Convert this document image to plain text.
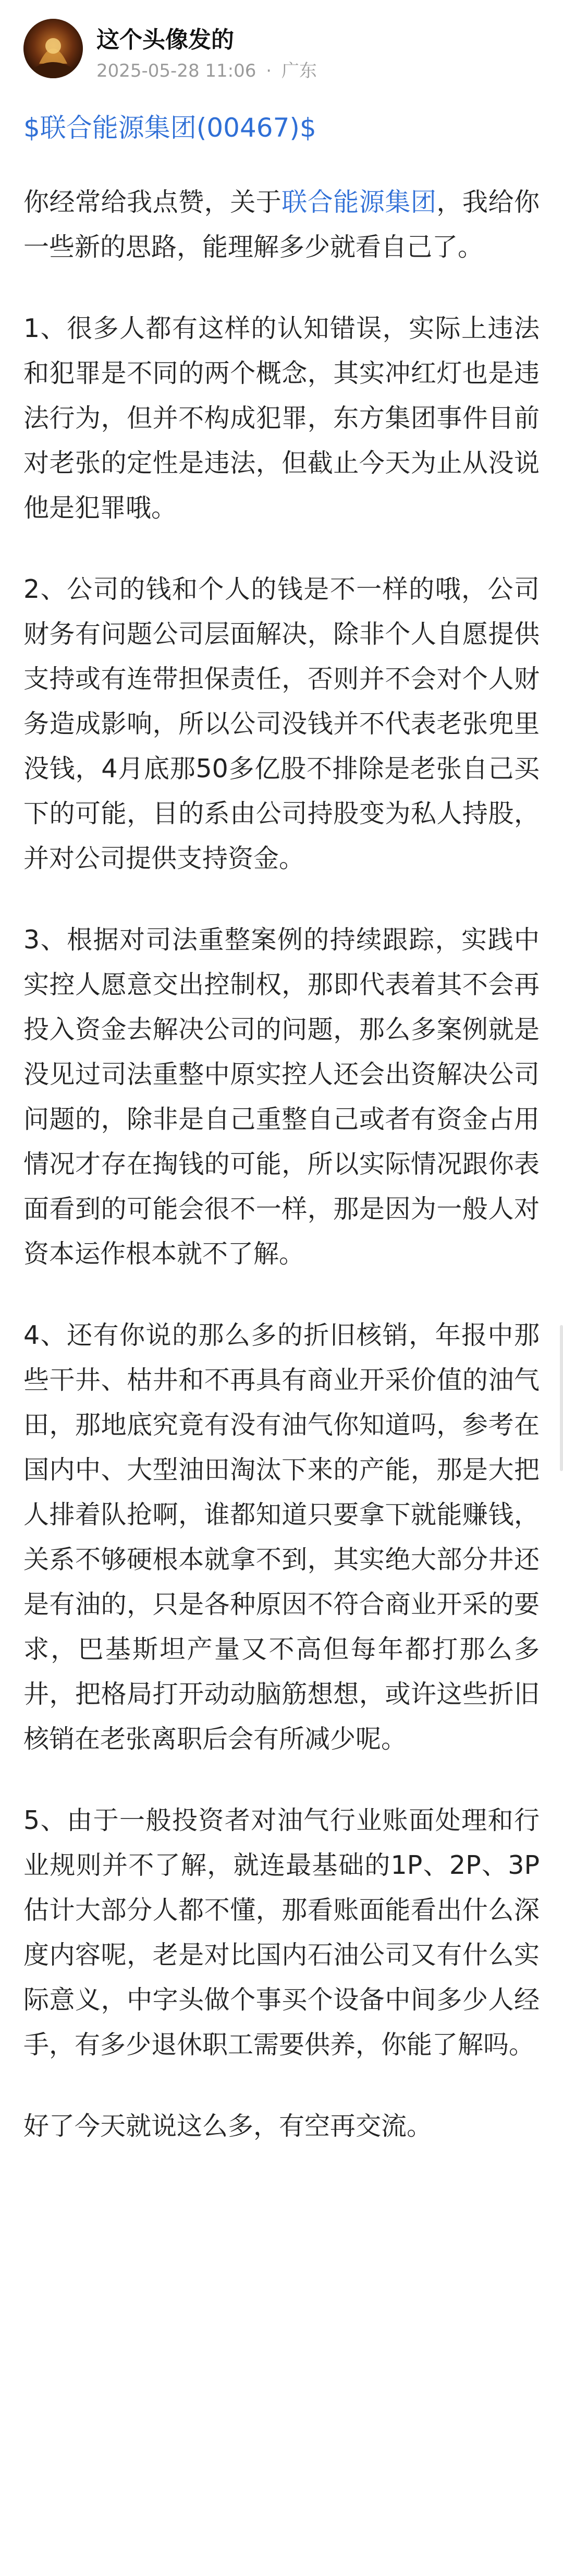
这个头像发的
2025-05-28 11:06 · 广东
$联合能源集团(00467)$

你经常给我点赞，关于联合能源集团，我给你一些新的思路，能理解多少就看自己了。

1、很多人都有这样的认知错误，实际上违法和犯罪是不同的两个概念，其实冲红灯也是违法行为，但并不构成犯罪，东方集团事件目前对老张的定性是违法，但截止今天为止从没说他是犯罪哦。

2、公司的钱和个人的钱是不一样的哦，公司财务有问题公司层面解决，除非个人自愿提供支持或有连带担保责任，否则并不会对个人财务造成影响，所以公司没钱并不代表老张兜里没钱，4月底那50多亿股不排除是老张自己买下的可能，目的系由公司持股变为私人持股，并对公司提供支持资金。

3、根据对司法重整案例的持续跟踪，实践中实控人愿意交出控制权，那即代表着其不会再投入资金去解决公司的问题，那么多案例就是没见过司法重整中原实控人还会出资解决公司问题的，除非是自己重整自己或者有资金占用情况才存在掏钱的可能，所以实际情况跟你表面看到的可能会很不一样，那是因为一般人对资本运作根本就不了解。

4、还有你说的那么多的折旧核销，年报中那些干井、枯井和不再具有商业开采价值的油气田，那地底究竟有没有油气你知道吗，参考在国内中、大型油田淘汰下来的产能，那是大把人排着队抢啊，谁都知道只要拿下就能赚钱，关系不够硬根本就拿不到，其实绝大部分井还是有油的，只是各种原因不符合商业开采的要求，巴基斯坦产量又不高但每年都打那么多井，把格局打开动动脑筋想想，或许这些折旧核销在老张离职后会有所减少呢。

5、由于一般投资者对油气行业账面处理和行业规则并不了解，就连最基础的1P、2P、3P估计大部分人都不懂，那看账面能看出什么深度内容呢，老是对比国内石油公司又有什么实际意义，中字头做个事买个设备中间多少人经手，有多少退休职工需要供养，你能了解吗。

好了今天就说这么多，有空再交流。
